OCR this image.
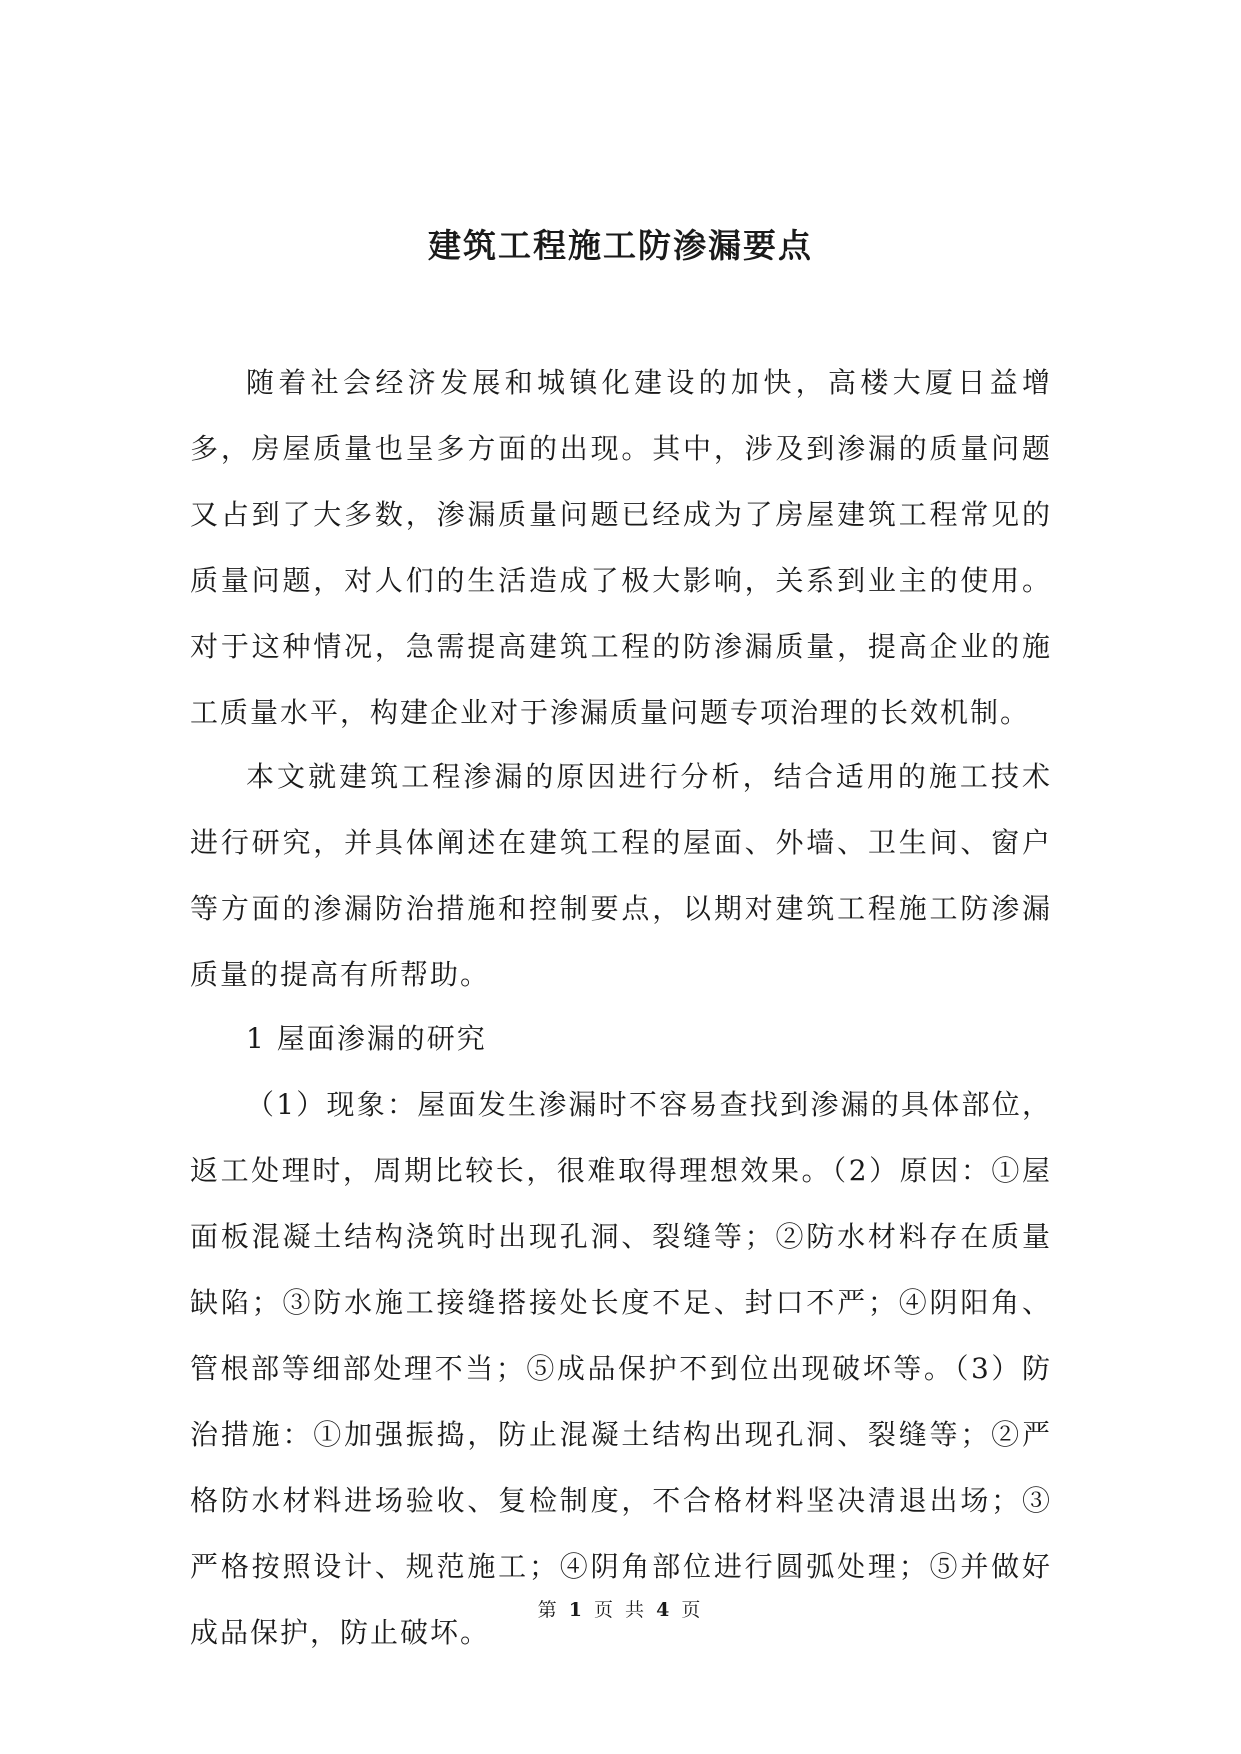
建筑工程施工防渗漏要点

随着社会经济发展和城镇化建设的加快，高楼大厦日益增多，房屋质量也呈多方面的出现。其中，涉及到渗漏的质量问题又占到了大多数，渗漏质量问题已经成为了房屋建筑工程常见的质量问题，对人们的生活造成了极大影响，关系到业主的使用。对于这种情况，急需提高建筑工程的防渗漏质量，提高企业的施工质量水平，构建企业对于渗漏质量问题专项治理的长效机制。

本文就建筑工程渗漏的原因进行分析，结合适用的施工技术进行研究，并具体阐述在建筑工程的屋面、外墙、卫生间、窗户等方面的渗漏防治措施和控制要点，以期对建筑工程施工防渗漏质量的提高有所帮助。

1 屋面渗漏的研究

（1）现象：屋面发生渗漏时不容易查找到渗漏的具体部位，返工处理时，周期比较长，很难取得理想效果。（2）原因：①屋面板混凝土结构浇筑时出现孔洞、裂缝等；②防水材料存在质量缺陷；③防水施工接缝搭接处长度不足、封口不严；④阴阳角、管根部等细部处理不当；⑤成品保护不到位出现破坏等。（3）防治措施：①加强振捣，防止混凝土结构出现孔洞、裂缝等；②严格防水材料进场验收、复检制度，不合格材料坚决清退出场；③严格按照设计、规范施工；④阴角部位进行圆弧处理；⑤并做好成品保护，防止破坏。

第 1 页 共 4 页
